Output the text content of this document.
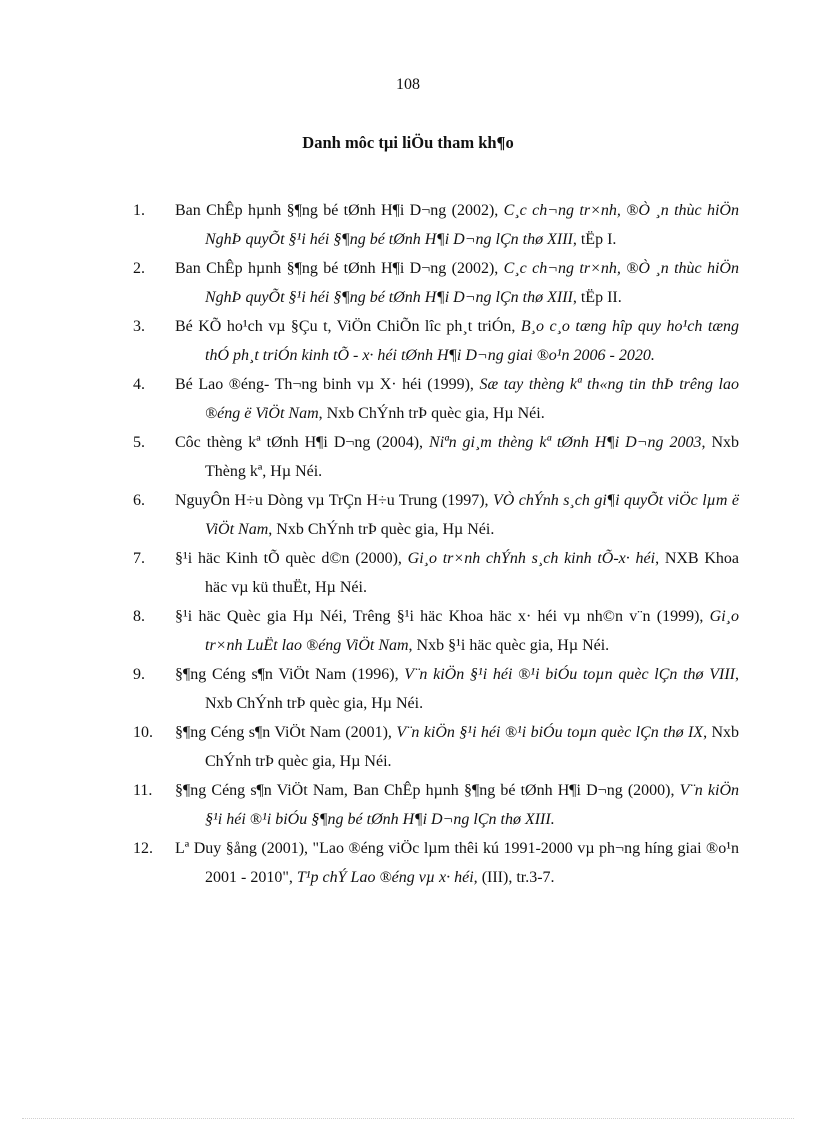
108
Danh môc tµi liÖu tham kh¶o
1. Ban ChÊp hµnh §¶ng bé tØnh H¶i D¬ng (2002), C¸c ch¬ng tr×nh, ®Ò ¸n thùc hiÖn NghÞ quyÕt §¹i héi §¶ng bé tØnh H¶i D¬ng lÇn thø XIII, tËp I.
2. Ban ChÊp hµnh §¶ng bé tØnh H¶i D¬ng (2002), C¸c ch¬ng tr×nh, ®Ò ¸n thùc hiÖn NghÞ quyÕt §¹i héi §¶ng bé tØnh H¶i D¬ng lÇn thø XIII, tËp II.
3. Bé KÕ ho¹ch vµ §Çu t, ViÖn ChiÕn lîc ph¸t triÓn, B¸o c¸o tæng hîp quy ho¹ch tæng thÓ ph¸t triÓn kinh tÕ - x· héi tØnh H¶i D¬ng giai ®o¹n 2006 - 2020.
4. Bé Lao ®éng- Th¬ng binh vµ X· héi (1999), Sæ tay thèng kª th«ng tin thÞ trêng lao ®éng ë ViÖt Nam, Nxb ChÝnh trÞ quèc gia, Hµ Néi.
5. Côc thèng kª tØnh H¶i D¬ng (2004), Niªn gi¸m thèng kª tØnh H¶i D¬ng 2003, Nxb Thèng kª, Hµ Néi.
6. NguyÔn H÷u Dòng vµ TrÇn H÷u Trung (1997), VÒ chÝnh s¸ch gi¶i quyÕt viÖc lµm ë ViÖt Nam, Nxb ChÝnh trÞ quèc gia, Hµ Néi.
7. §¹i häc Kinh tÕ quèc d©n (2000), Gi¸o tr×nh chÝnh s¸ch kinh tÕ-x· héi, NXB Khoa häc vµ kü thuËt, Hµ Néi.
8. §¹i häc Quèc gia Hµ Néi, Trêng §¹i häc Khoa häc x· héi vµ nh©n v¨n (1999), Gi¸o tr×nh LuËt lao ®éng ViÖt Nam, Nxb §¹i häc quèc gia, Hµ Néi.
9. §¶ng Céng s¶n ViÖt Nam (1996), V¨n kiÖn §¹i héi ®¹i biÓu toµn quèc lÇn thø VIII, Nxb ChÝnh trÞ quèc gia, Hµ Néi.
10. §¶ng Céng s¶n ViÖt Nam (2001), V¨n kiÖn §¹i héi ®¹i biÓu toµn quèc lÇn thø IX, Nxb ChÝnh trÞ quèc gia, Hµ Néi.
11. §¶ng Céng s¶n ViÖt Nam, Ban ChÊp hµnh §¶ng bé tØnh H¶i D¬ng (2000), V¨n kiÖn §¹i héi ®¹i biÓu §¶ng bé tØnh H¶i D¬ng lÇn thø XIII.
12. Lª Duy §ång (2001), "Lao ®éng viÖc lµm thêi kú 1991-2000 vµ ph¬ng híng giai ®o¹n 2001 - 2010", T¹p chÝ Lao ®éng vµ x· héi, (III), tr.3-7.
